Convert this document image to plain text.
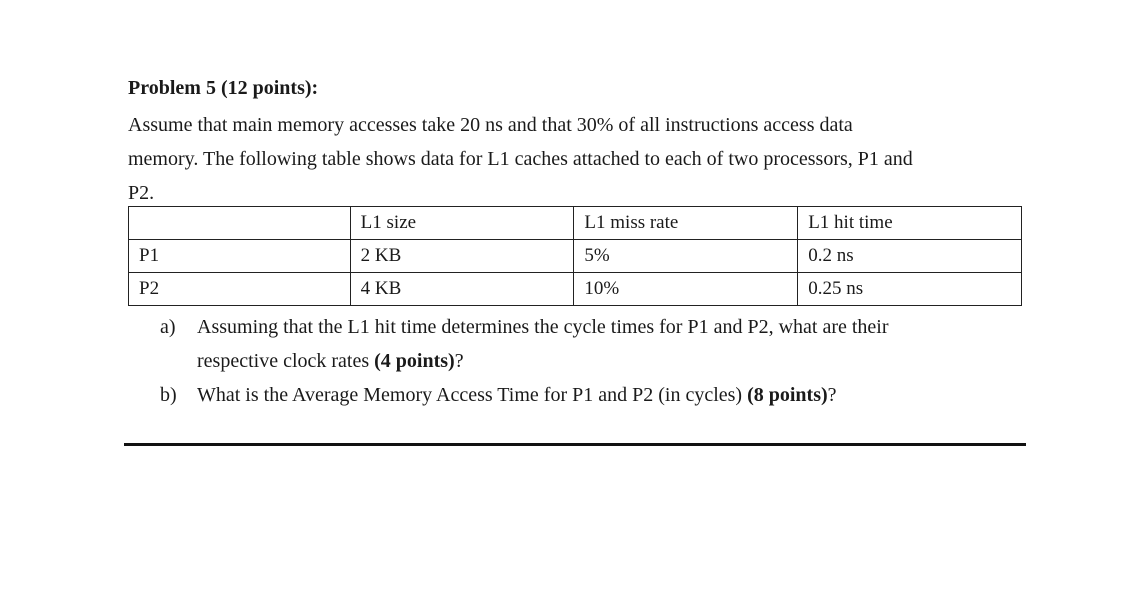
Problem 5 (12 points):
Assume that main memory accesses take 20 ns and that 30% of all instructions access data
memory. The following table shows data for L1 caches attached to each of two processors, P1 and
P2.
	L1 size	L1 miss rate	L1 hit time
P1	2 KB	5%	0.2 ns
P2	4 KB	10%	0.25 ns
a) Assuming that the L1 hit time determines the cycle times for P1 and P2, what are their
respective clock rates (4 points)?
b) What is the Average Memory Access Time for P1 and P2 (in cycles) (8 points)?
